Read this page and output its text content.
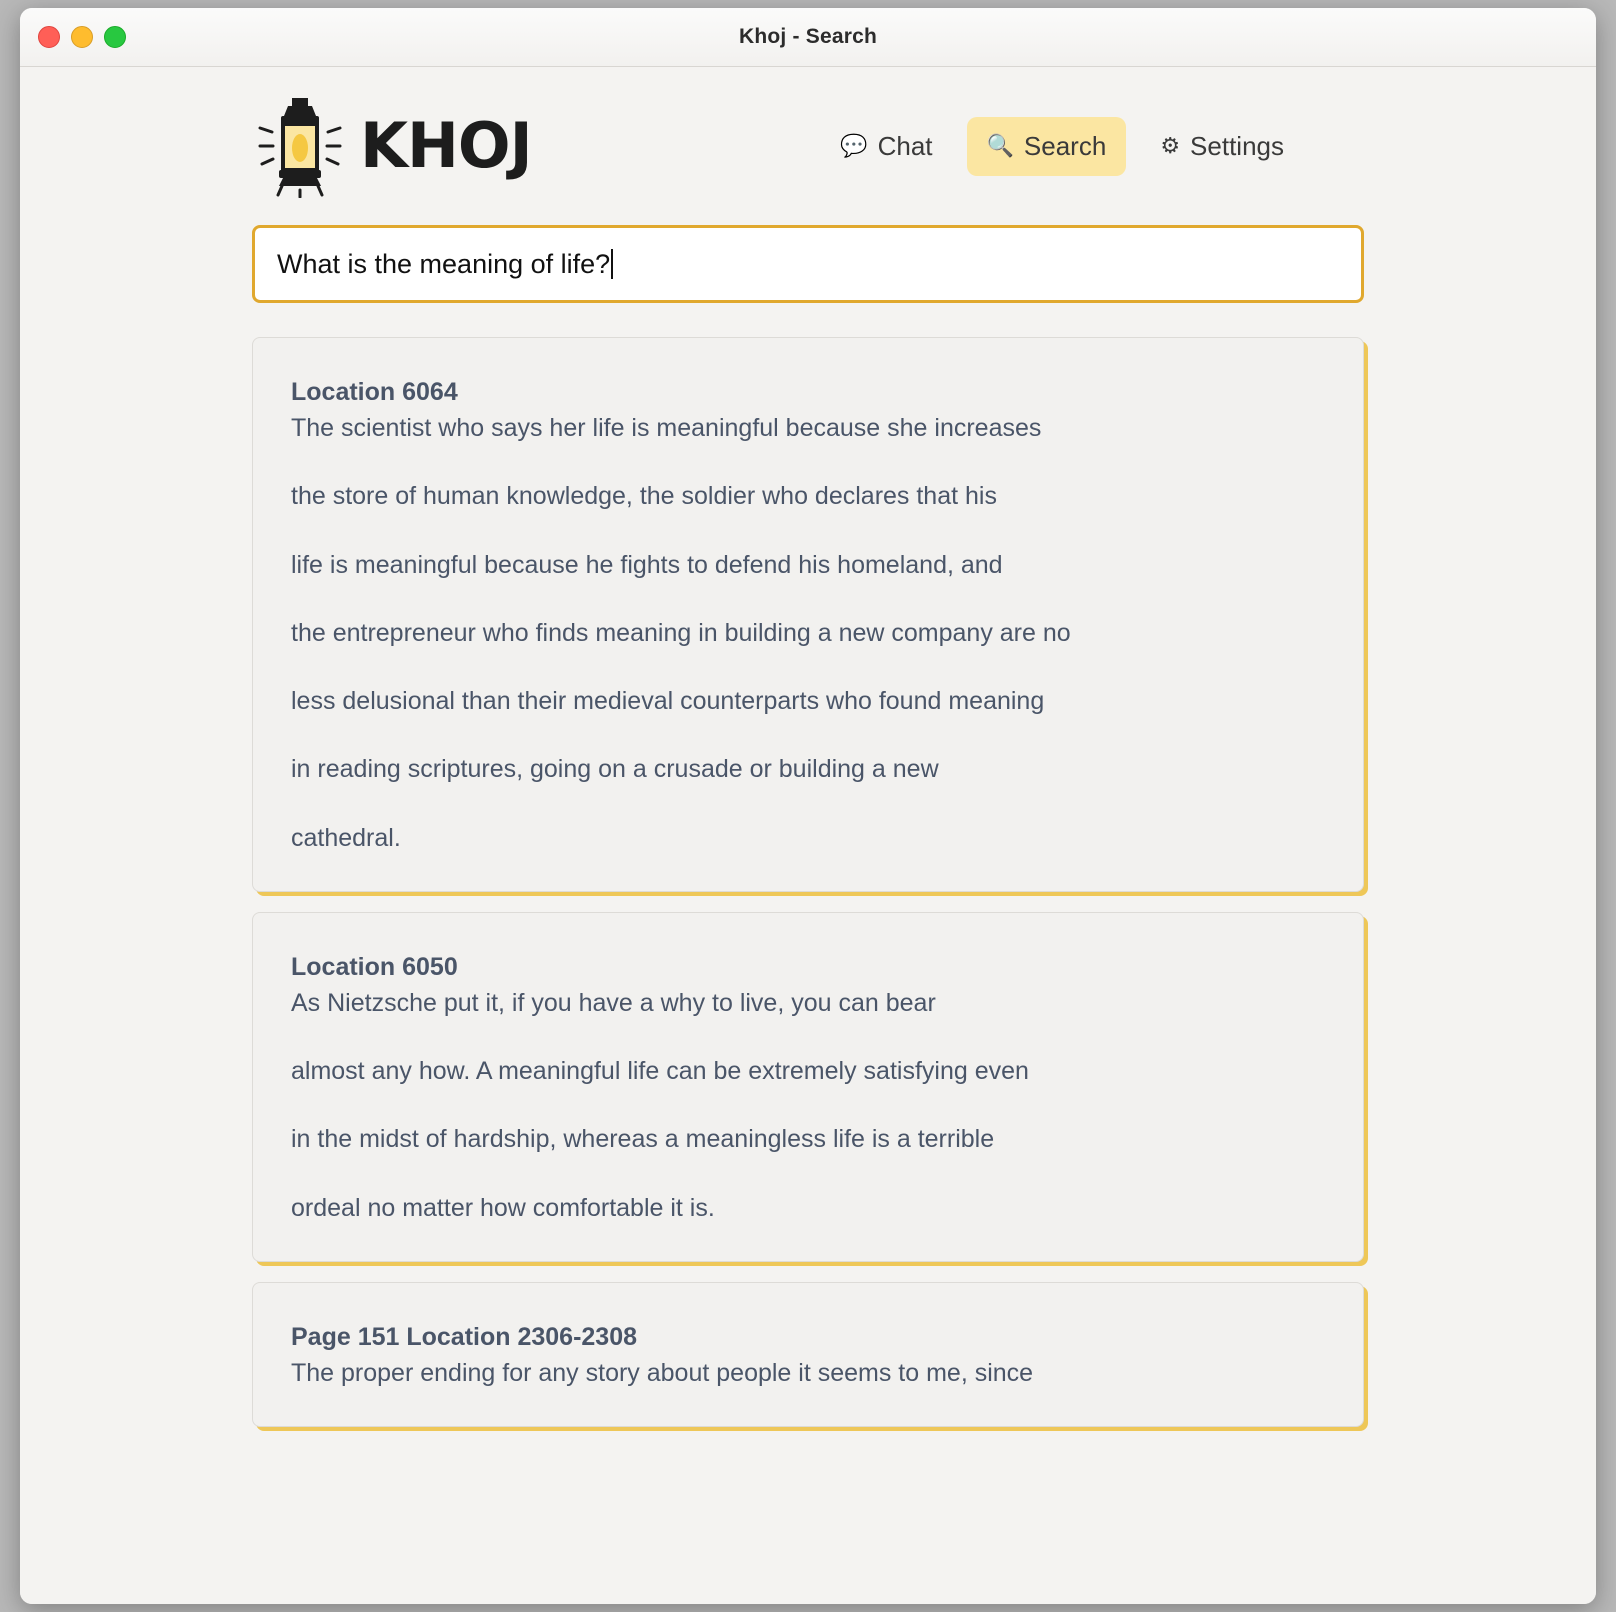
Khoj - Search
KHOJ	💬 Chat 🔍 Search ⚙ Settings
What is the meaning of life?
Location 6064

The scientist who says her life is meaningful because she increases

the store of human knowledge, the soldier who declares that his

life is meaningful because he fights to defend his homeland, and

the entrepreneur who finds meaning in building a new company are no

less delusional than their medieval counterparts who found meaning

in reading scriptures, going on a crusade or building a new

cathedral.

Location 6050

As Nietzsche put it, if you have a why to live, you can bear

almost any how. A meaningful life can be extremely satisfying even

in the midst of hardship, whereas a meaningless life is a terrible

ordeal no matter how comfortable it is.

Page 151 Location 2306-2308

The proper ending for any story about people it seems to me, since
